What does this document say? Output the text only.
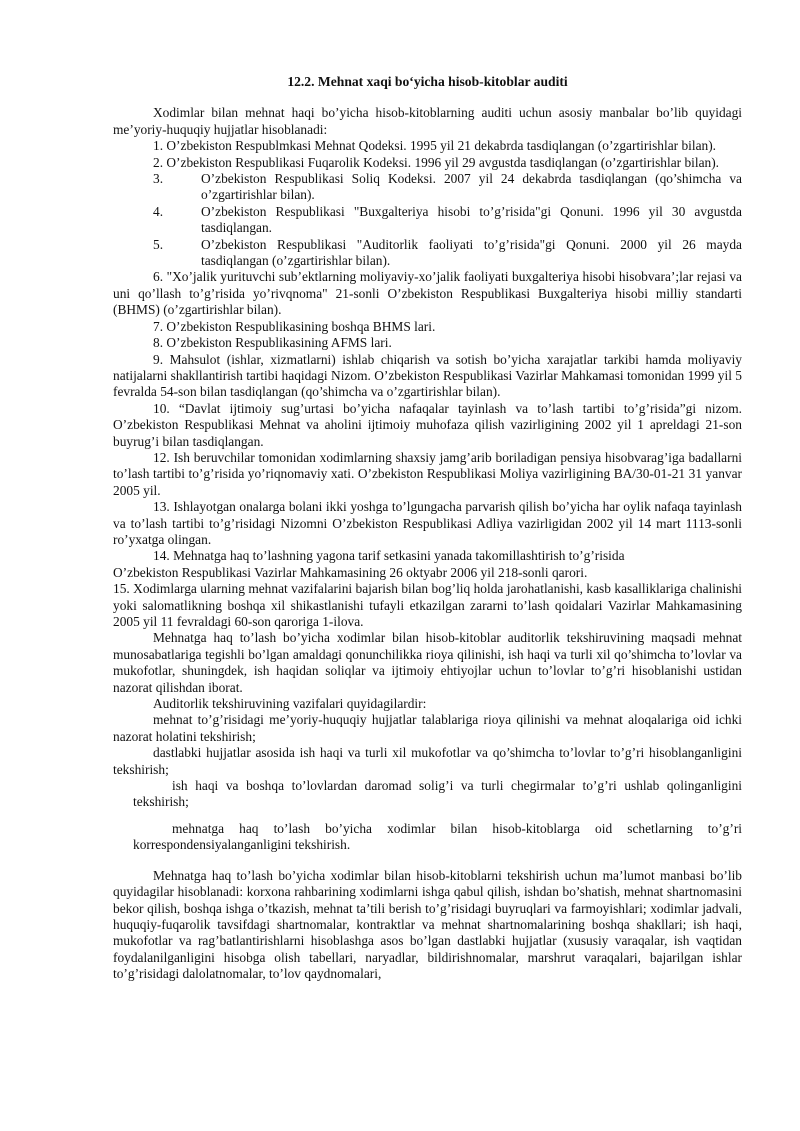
12.2. Mehnat xaqi bo‘yicha hisob-kitoblar auditi

Xodimlar bilan mehnat haqi bo’yicha hisob-kitoblarning auditi uchun asosiy manbalar bo’lib quyidagi me’yoriy-huquqiy hujjatlar hisoblanadi:

1. O’zbekiston Respublmkasi Mehnat Qodeksi. 1995 yil 21 dekabrda tasdiqlangan (o’zgartirishlar bilan).

2. O’zbekiston Respublikasi Fuqarolik Kodeksi. 1996 yil 29 avgustda tasdiqlangan (o’zgartirishlar bilan).

3.	O’zbekiston Respublikasi Soliq Kodeksi. 2007 yil 24 dekabrda tasdiqlangan (qo’shimcha va o’zgartirishlar bilan).
4.	O’zbekiston Respublikasi "Buxgalteriya hisobi to’g’risida"gi Qonuni. 1996 yil 30 avgustda tasdiqlangan.
5.	O’zbekiston Respublikasi "Auditorlik faoliyati to’g’risida"gi Qonuni. 2000 yil 26 mayda tasdiqlangan (o’zgartirishlar bilan).

6. "Xo’jalik yurituvchi sub’ektlarning moliyaviy-xo’jalik faoliyati buxgalteriya hisobi hisobvara’;lar rejasi va uni qo’llash to’g’risida yo’rivqnoma" 21-sonli O’zbekiston Respublikasi Buxgalteriya hisobi milliy standarti (BHMS) (o’zgartirishlar bilan).

7. O’zbekiston Respublikasining boshqa BHMS lari.

8. O’zbekiston Respublikasining AFMS lari.

9. Mahsulot (ishlar, xizmatlarni) ishlab chiqarish va sotish bo’yicha xarajatlar tarkibi hamda moliyaviy natijalarni shakllantirish tartibi haqidagi Nizom. O’zbekiston Respublikasi Vazirlar Mahkamasi tomonidan 1999 yil 5 fevralda 54-son bilan tasdiqlangan (qo’shimcha va o’zgartirishlar bilan).

10. “Davlat ijtimoiy sug’urtasi bo’yicha nafaqalar tayinlash va to’lash tartibi to’g’risida”gi nizom. O’zbekiston Respublikasi Mehnat va aholini ijtimoiy muhofaza qilish vazirligining 2002 yil 1 apreldagi 21-son buyrug’i bilan tasdiqlangan.

12. Ish beruvchilar tomonidan xodimlarning shaxsiy jamg’arib boriladigan pensiya hisobvarag’iga badallarni to’lash tartibi to’g’risida yo’riqnomaviy xati. O’zbekiston Respublikasi Moliya vazirligining BA/30-01-21 31 yanvar 2005 yil.

13. Ishlayotgan onalarga bolani ikki yoshga to’lgungacha parvarish qilish bo’yicha har oylik nafaqa tayinlash va to’lash tartibi to’g’risidagi Nizomni O’zbekiston Respublikasi Adliya vazirligidan 2002 yil 14 mart 1113-sonli ro’yxatga olingan.

14. Mehnatga haq to’lashning yagona tarif setkasini yanada takomillashtirish to’g’risida

O’zbekiston Respublikasi Vazirlar Mahkamasining 26 oktyabr 2006 yil 218-sonli qarori.

15. Xodimlarga ularning mehnat vazifalarini bajarish bilan bog’liq holda jarohatlanishi, kasb kasalliklariga chalinishi yoki salomatlikning boshqa xil shikastlanishi tufayli etkazilgan zararni to’lash qoidalari Vazirlar Mahkamasining 2005 yil 11 fevraldagi 60-son qaroriga 1-ilova.

Mehnatga haq to’lash bo’yicha xodimlar bilan hisob-kitoblar auditorlik tekshiruvining maqsadi mehnat munosabatlariga tegishli bo’lgan amaldagi qonunchilikka rioya qilinishi, ish haqi va turli xil qo’shimcha to’lovlar va mukofotlar, shuningdek, ish haqidan soliqlar va ijtimoiy ehtiyojlar uchun to’lovlar to’g’ri hisoblanishi ustidan nazorat qilishdan iborat.

Auditorlik tekshiruvining vazifalari quyidagilardir:

mehnat to’g’risidagi me’yoriy-huquqiy hujjatlar talablariga rioya qilinishi va mehnat aloqalariga oid ichki nazorat holatini tekshirish;

dastlabki hujjatlar asosida ish haqi va turli xil mukofotlar va qo’shimcha to’lovlar to’g’ri hisoblanganligini tekshirish;

ish haqi va boshqa to’lovlardan daromad solig’i va turli chegirmalar to’g’ri ushlab qolinganligini tekshirish;

mehnatga haq to’lash bo’yicha xodimlar bilan hisob-kitoblarga oid schetlarning to’g’ri korrespondensiyalanganligini tekshirish.

Mehnatga haq to’lash bo’yicha xodimlar bilan hisob-kitoblarni tekshirish uchun ma’lumot manbasi bo’lib quyidagilar hisoblanadi: korxona rahbarining xodimlarni ishga qabul qilish, ishdan bo’shatish, mehnat shartnomasini bekor qilish, boshqa ishga o’tkazish, mehnat ta’tili berish to’g’risidagi buyruqlari va farmoyishlari; xodimlar jadvali, huquqiy-fuqarolik tavsifdagi shartnomalar, kontraktlar va mehnat shartnomalarining boshqa shakllari; ish haqi, mukofotlar va rag’batlantirishlarni hisoblashga asos bo’lgan dastlabki hujjatlar (xususiy varaqalar, ish vaqtidan foydalanilganligini hisobga olish tabellari, naryadlar, bildirishnomalar, marshrut varaqalari, bajarilgan ishlar to’g’risidagi dalolatnomalar, to’lov qaydnomalari,
